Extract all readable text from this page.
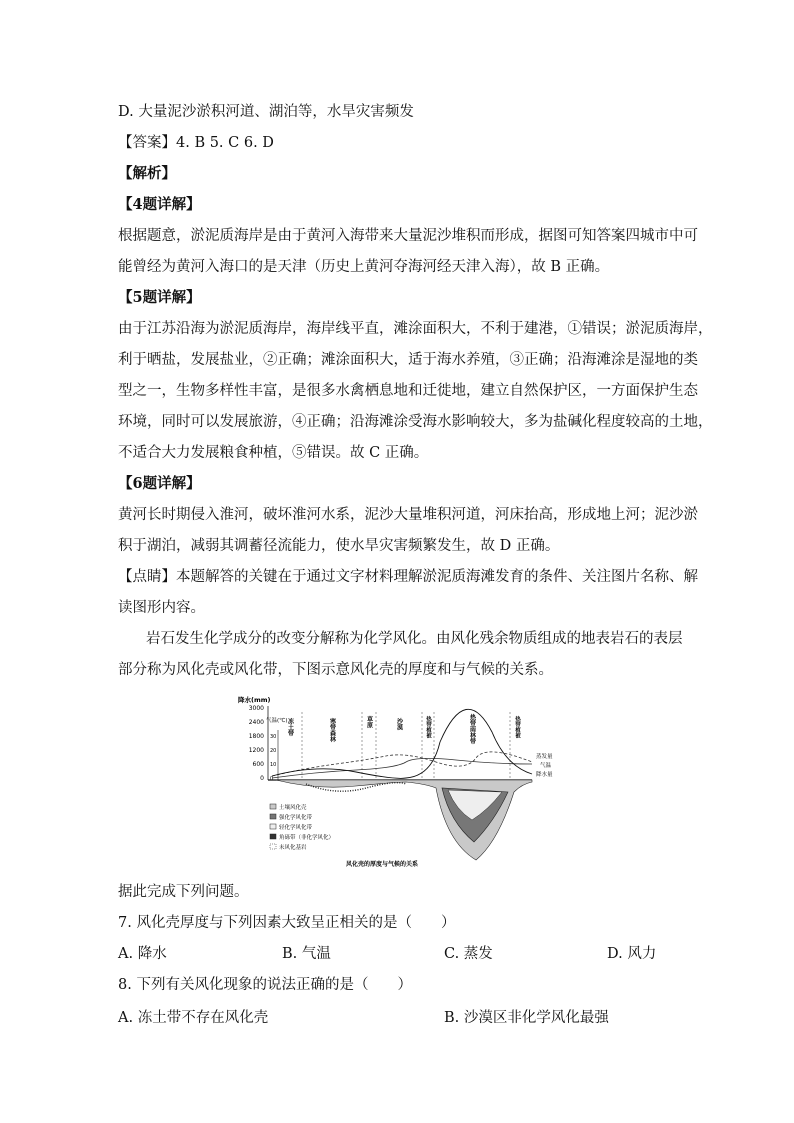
D. 大量泥沙淤积河道、湖泊等，水旱灾害频发
【答案】4. B 5. C 6. D
【解析】
【4题详解】
根据题意，淤泥质海岸是由于黄河入海带来大量泥沙堆积而形成，据图可知答案四城市中可
能曾经为黄河入海口的是天津（历史上黄河夺海河经天津入海），故 B 正确。
【5题详解】
由于江苏沿海为淤泥质海岸，海岸线平直，滩涂面积大，不利于建港，①错误；淤泥质海岸，
利于晒盐，发展盐业，②正确；滩涂面积大，适于海水养殖，③正确；沿海滩涂是湿地的类
型之一，生物多样性丰富，是很多水禽栖息地和迁徙地，建立自然保护区，一方面保护生态
环境，同时可以发展旅游，④正确；沿海滩涂受海水影响较大，多为盐碱化程度较高的土地，
不适合大力发展粮食种植，⑤错误。故 C 正确。
【6题详解】
黄河长时期侵入淮河，破坏淮河水系，泥沙大量堆积河道，河床抬高，形成地上河；泥沙淤
积于湖泊，减弱其调蓄径流能力，使水旱灾害频繁发生，故 D 正确。
【点睛】本题解答的关键在于通过文字材料理解淤泥质海滩发育的条件、关注图片名称、解
读图形内容。
岩石发生化学成分的改变分解称为化学风化。由风化残余物质组成的地表岩石的表层
部分称为风化壳或风化带，下图示意风化壳的厚度和与气候的关系。
降水(mm)
3000
2400
1800
1200
600
0
气温(℃)
30
20
10
0
冻土带	寒带森林	草原	沙漠	热带植被	热带雨林带	热带植被
蒸发量
气温
降水量
土壤风化壳
强化学风化带
轻化学风化带
角砾带（非化学风化）
未风化基岩
风化壳的厚度与气候的关系
据此完成下列问题。
7. 风化壳厚度与下列因素大致呈正相关的是（　　）
A. 降水	B. 气温	C. 蒸发	D. 风力
8. 下列有关风化现象的说法正确的是（　　）
A. 冻土带不存在风化壳	B. 沙漠区非化学风化最强
